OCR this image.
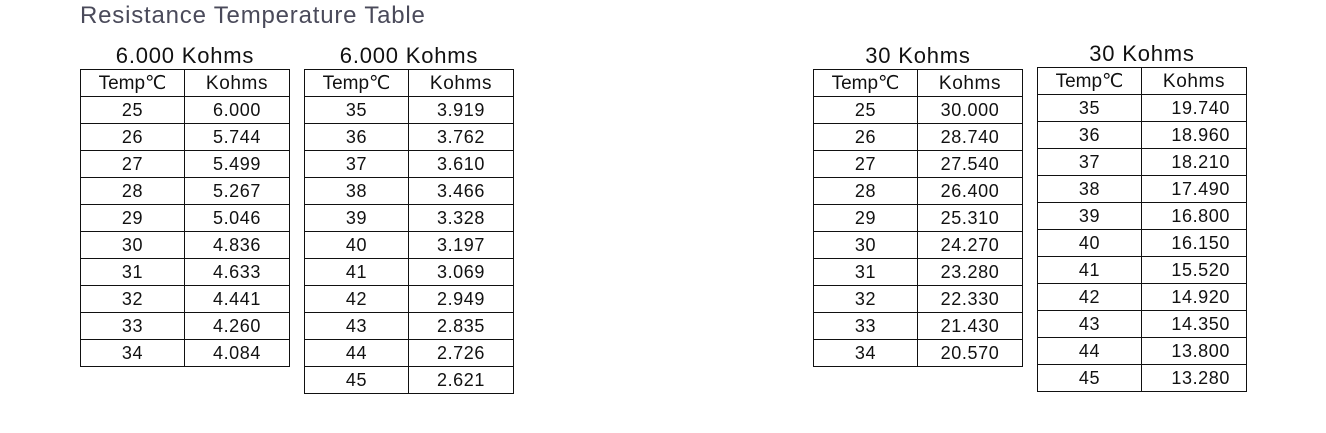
Resistance Temperature Table
6.000 Kohms
Temp℃	Kohms
25	6.000
26	5.744
27	5.499
28	5.267
29	5.046
30	4.836
31	4.633
32	4.441
33	4.260
34	4.084
6.000 Kohms
Temp℃	Kohms
35	3.919
36	3.762
37	3.610
38	3.466
39	3.328
40	3.197
41	3.069
42	2.949
43	2.835
44	2.726
45	2.621
30 Kohms
Temp℃	Kohms
25	30.000
26	28.740
27	27.540
28	26.400
29	25.310
30	24.270
31	23.280
32	22.330
33	21.430
34	20.570
30 Kohms
Temp℃	Kohms
35	19.740
36	18.960
37	18.210
38	17.490
39	16.800
40	16.150
41	15.520
42	14.920
43	14.350
44	13.800
45	13.280
